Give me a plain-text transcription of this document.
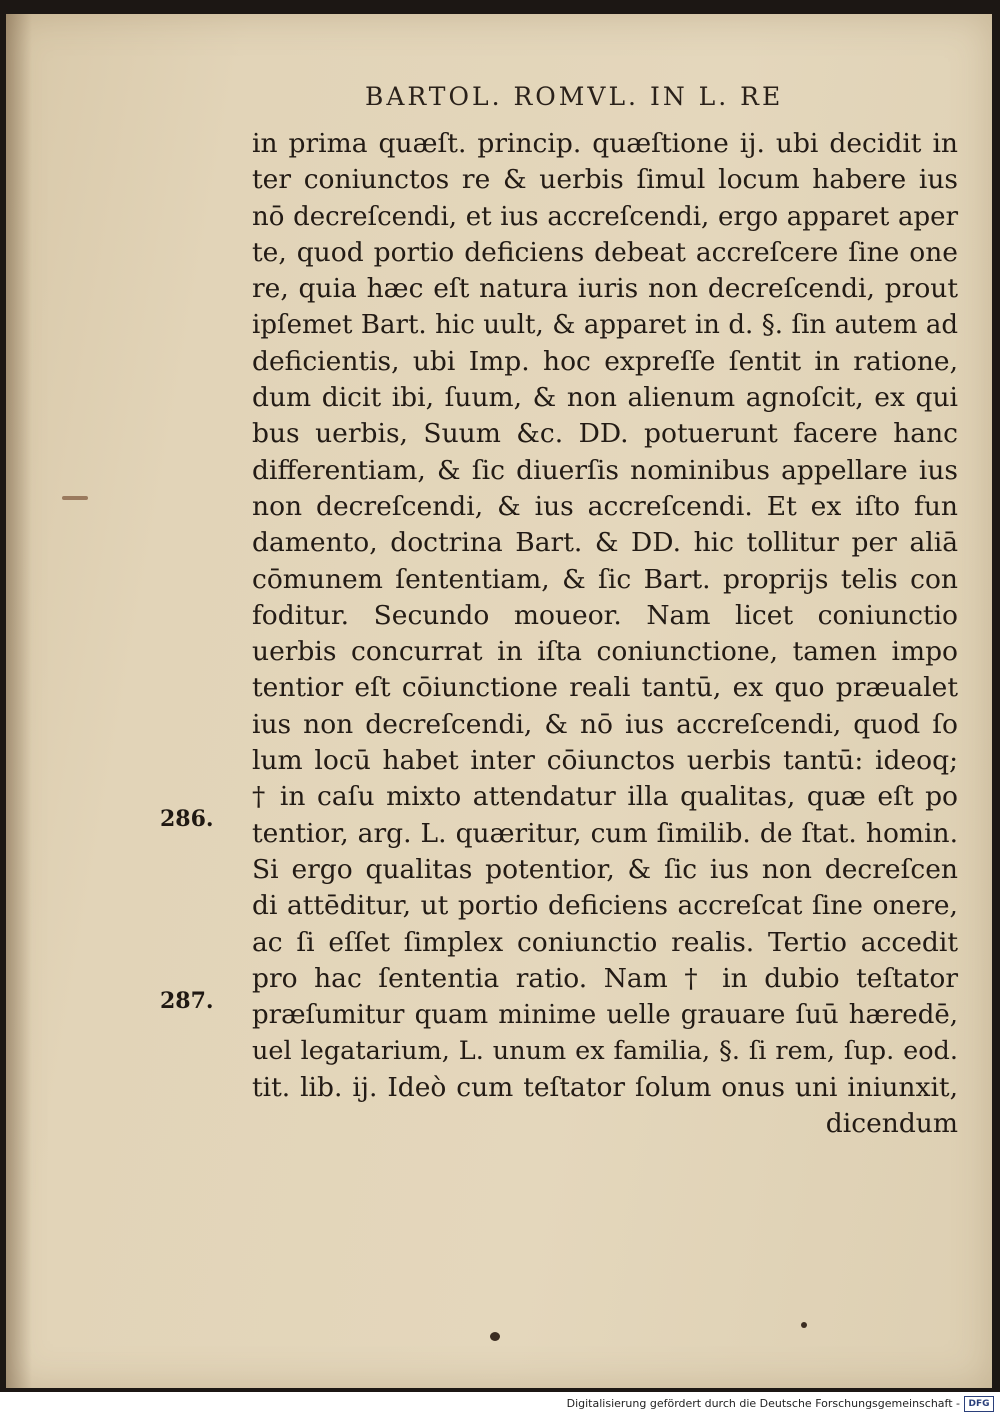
BARTOL. ROMVL. IN L. RE
286.
287.
in prima quæſt. princip. quæſtione ij. ubi decidit in
ter coniunctos re & uerbis ſimul locum habere ius
nō decreſcendi, et ius accreſcendi, ergo apparet aper
te, quod portio deficiens debeat accreſcere ſine one
re, quia hæc eſt natura iuris non decreſcendi, prout
ipſemet Bart. hic uult, & apparet in d. §. ſin autem ad
deficientis, ubi Imp. hoc expreſſe ſentit in ratione,
dum dicit ibi, ſuum, & non alienum agnoſcit, ex qui
bus uerbis, Suum &c. DD. potuerunt facere hanc
differentiam, & ſic diuerſis nominibus appellare ius
non decreſcendi, & ius accreſcendi. Et ex iſto fun
damento, doctrina Bart. & DD. hic tollitur per aliā
cōmunem ſententiam, & ſic Bart. proprijs telis con
foditur. Secundo moueor. Nam licet coniunctio
uerbis concurrat in iſta coniunctione, tamen impo
tentior eſt cōiunctione reali tantū, ex quo præualet
ius non decreſcendi, & nō ius accreſcendi, quod ſo
lum locū habet inter cōiunctos uerbis tantū: ideoq;
† in caſu mixto attendatur illa qualitas, quæ eſt po
tentior, arg. L. quæritur, cum ſimilib. de ſtat. homin.
Si ergo qualitas potentior, & ſic ius non decreſcen
di attēditur, ut portio deficiens accreſcat ſine onere,
ac ſi eſſet ſimplex coniunctio realis. Tertio accedit
pro hac ſententia ratio. Nam † in dubio teſtator
præſumitur quam minime uelle grauare ſuū hæredē,
uel legatarium, L. unum ex familia, §. ſi rem, ſup. eod.
tit. lib. ij. Ideò cum teſtator ſolum onus uni iniunxit,
dicendum
Digitalisierung gefördert durch die Deutsche Forschungsgemeinschaft - DFG
